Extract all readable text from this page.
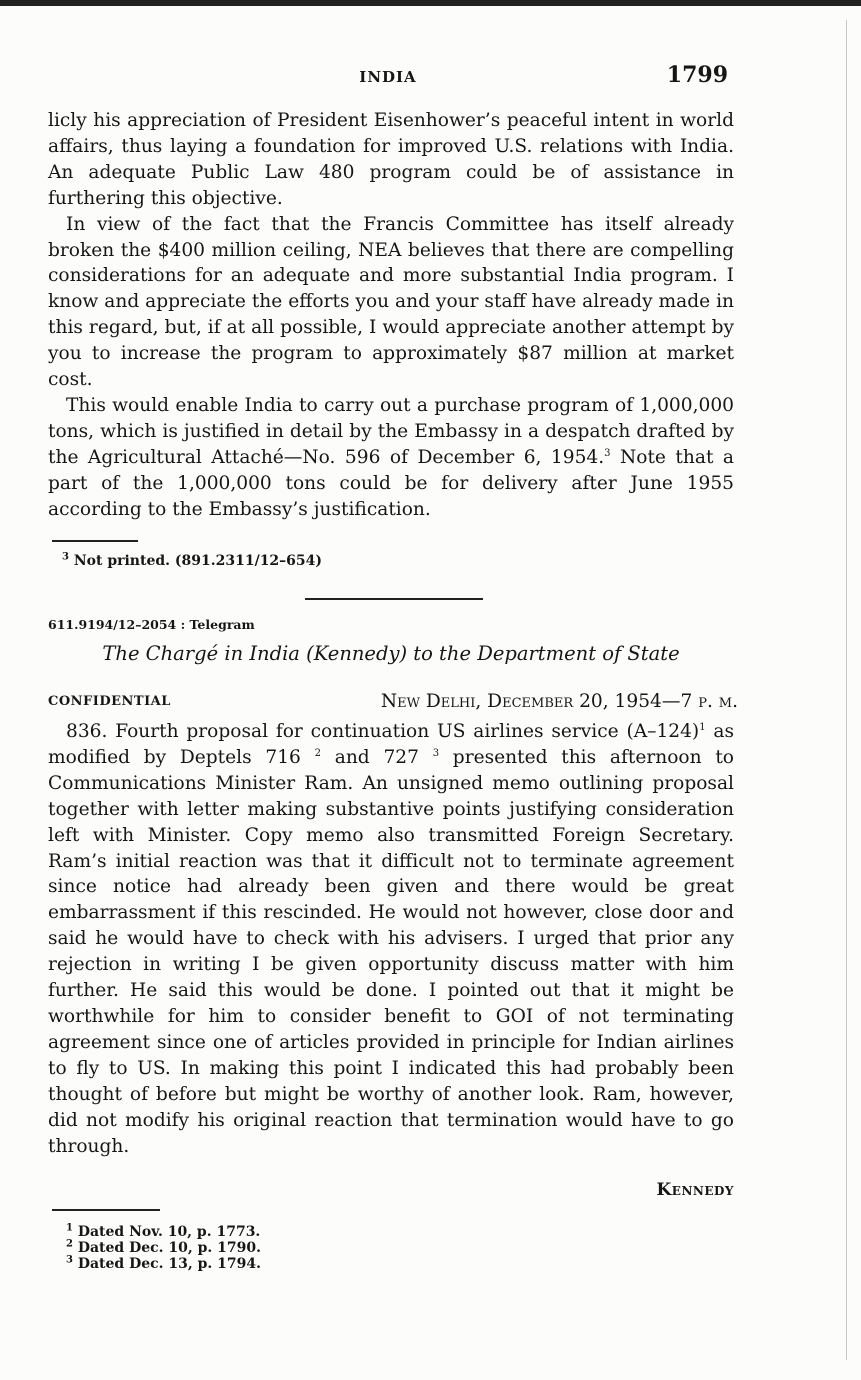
INDIA	1799

licly his appreciation of President Eisenhower’s peaceful intent in world affairs, thus laying a foundation for improved U.S. relations with India. An adequate Public Law 480 program could be of assistance in furthering this objective.

In view of the fact that the Francis Committee has itself already broken the $400 million ceiling, NEA believes that there are compelling considerations for an adequate and more substantial India program. I know and appreciate the efforts you and your staff have already made in this regard, but, if at all possible, I would appreciate another attempt by you to increase the program to approximately $87 million at market cost.

This would enable India to carry out a purchase program of 1,000,000 tons, which is justified in detail by the Embassy in a despatch drafted by the Agricultural Attaché—No. 596 of December 6, 1954.$^3$ Note that a part of the 1,000,000 tons could be for delivery after June 1955 according to the Embassy’s justification.

$^3$ Not printed. (891.2311/12–654)
611.9194/12–2054 : Telegram
The Chargé in India (Kennedy) to the Department of State
CONFIDENTIAL	New Delhi, December 20, 1954—7 p. m.

836. Fourth proposal for continuation US airlines service $(A-124)^1$ as modified by Deptels 716 $^2$ and 727 $^3$ presented this afternoon to Communications Minister Ram. An unsigned memo outlining proposal together with letter making substantive points justifying consideration left with Minister. Copy memo also transmitted Foreign Secretary. Ram’s initial reaction was that it difficult not to terminate agreement since notice had already been given and there would be great embarrassment if this rescinded. He would not however, close door and said he would have to check with his advisers. I urged that prior any rejection in writing I be given opportunity discuss matter with him further. He said this would be done. I pointed out that it might be worthwhile for him to consider benefit to GOI of not terminating agreement since one of articles provided in principle for Indian airlines to fly to US. In making this point I indicated this had probably been thought of before but might be worthy of another look. Ram, however, did not modify his original reaction that termination would have to go through.

Kennedy
$^1$ Dated Nov. 10, p. 1773.
$^2$ Dated Dec. 10, p. 1790.
$^3$ Dated Dec. 13, p. 1794.
